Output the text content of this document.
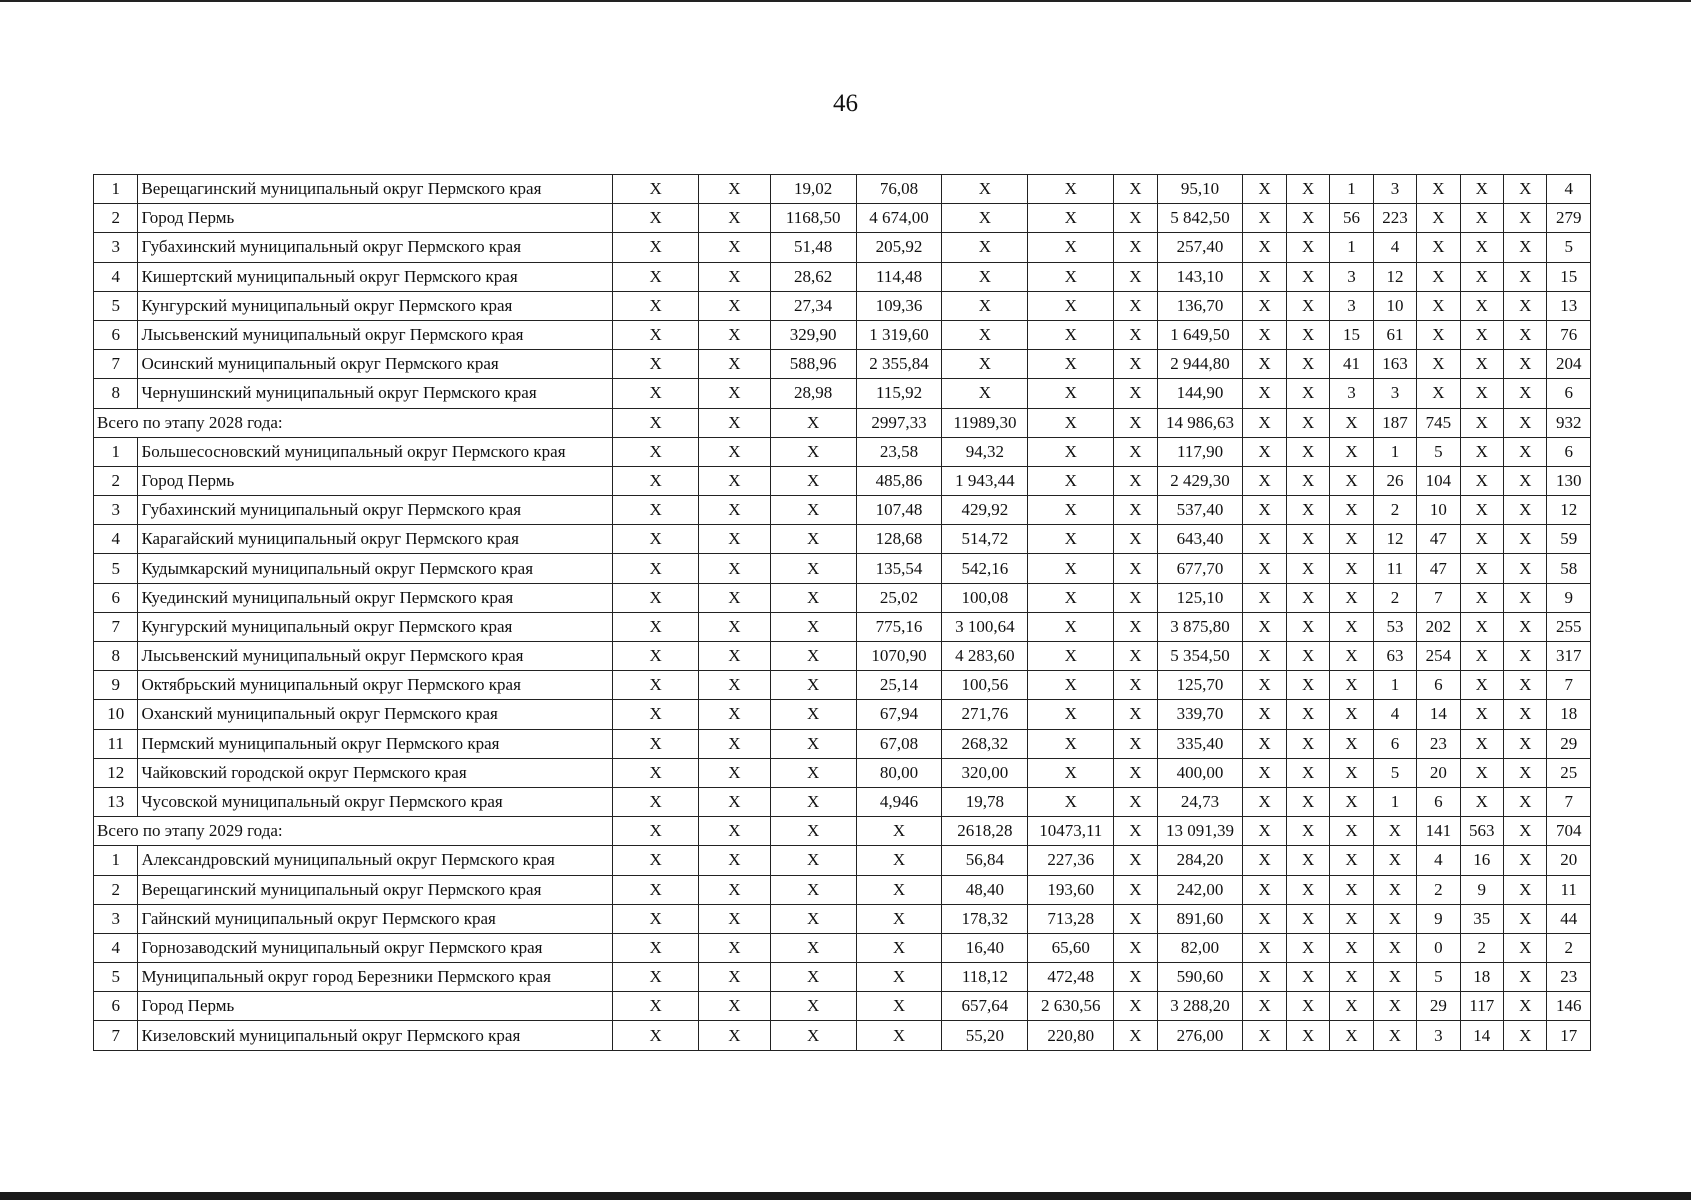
46
1	Верещагинский муниципальный округ Пермского края	X	X	19,02	76,08	X	X	X	95,10	X	X	1	3	X	X	X	4
2	Город Пермь	X	X	1168,50	4 674,00	X	X	X	5 842,50	X	X	56	223	X	X	X	279
3	Губахинский муниципальный округ Пермского края	X	X	51,48	205,92	X	X	X	257,40	X	X	1	4	X	X	X	5
4	Кишертский муниципальный округ Пермского края	X	X	28,62	114,48	X	X	X	143,10	X	X	3	12	X	X	X	15
5	Кунгурский муниципальный округ Пермского края	X	X	27,34	109,36	X	X	X	136,70	X	X	3	10	X	X	X	13
6	Лысьвенский муниципальный округ Пермского края	X	X	329,90	1 319,60	X	X	X	1 649,50	X	X	15	61	X	X	X	76
7	Осинский муниципальный округ Пермского края	X	X	588,96	2 355,84	X	X	X	2 944,80	X	X	41	163	X	X	X	204
8	Чернушинский муниципальный округ Пермского края	X	X	28,98	115,92	X	X	X	144,90	X	X	3	3	X	X	X	6
Всего по этапу 2028 года:		X	X	X	2997,33	11989,30	X	X	14 986,63	X	X	X	187	745	X	X	932
1	Большесосновский муниципальный округ Пермского края	X	X	X	23,58	94,32	X	X	117,90	X	X	X	1	5	X	X	6
2	Город Пермь	X	X	X	485,86	1 943,44	X	X	2 429,30	X	X	X	26	104	X	X	130
3	Губахинский муниципальный округ Пермского края	X	X	X	107,48	429,92	X	X	537,40	X	X	X	2	10	X	X	12
4	Карагайский муниципальный округ Пермского края	X	X	X	128,68	514,72	X	X	643,40	X	X	X	12	47	X	X	59
5	Кудымкарский муниципальный округ Пермского края	X	X	X	135,54	542,16	X	X	677,70	X	X	X	11	47	X	X	58
6	Куединский муниципальный округ Пермского края	X	X	X	25,02	100,08	X	X	125,10	X	X	X	2	7	X	X	9
7	Кунгурский муниципальный округ Пермского края	X	X	X	775,16	3 100,64	X	X	3 875,80	X	X	X	53	202	X	X	255
8	Лысьвенский муниципальный округ Пермского края	X	X	X	1070,90	4 283,60	X	X	5 354,50	X	X	X	63	254	X	X	317
9	Октябрьский муниципальный округ Пермского края	X	X	X	25,14	100,56	X	X	125,70	X	X	X	1	6	X	X	7
10	Оханский муниципальный округ Пермского края	X	X	X	67,94	271,76	X	X	339,70	X	X	X	4	14	X	X	18
11	Пермский муниципальный округ Пермского края	X	X	X	67,08	268,32	X	X	335,40	X	X	X	6	23	X	X	29
12	Чайковский городской округ Пермского края	X	X	X	80,00	320,00	X	X	400,00	X	X	X	5	20	X	X	25
13	Чусовской муниципальный округ Пермского края	X	X	X	4,946	19,78	X	X	24,73	X	X	X	1	6	X	X	7
Всего по этапу 2029 года:		X	X	X	X	2618,28	10473,11	X	13 091,39	X	X	X	X	141	563	X	704
1	Александровский муниципальный округ Пермского края	X	X	X	X	56,84	227,36	X	284,20	X	X	X	X	4	16	X	20
2	Верещагинский муниципальный округ Пермского края	X	X	X	X	48,40	193,60	X	242,00	X	X	X	X	2	9	X	11
3	Гайнский муниципальный округ Пермского края	X	X	X	X	178,32	713,28	X	891,60	X	X	X	X	9	35	X	44
4	Горнозаводский муниципальный округ Пермского края	X	X	X	X	16,40	65,60	X	82,00	X	X	X	X	0	2	X	2
5	Муниципальный округ город Березники Пермского края	X	X	X	X	118,12	472,48	X	590,60	X	X	X	X	5	18	X	23
6	Город Пермь	X	X	X	X	657,64	2 630,56	X	3 288,20	X	X	X	X	29	117	X	146
7	Кизеловский муниципальный округ Пермского края	X	X	X	X	55,20	220,80	X	276,00	X	X	X	X	3	14	X	17
